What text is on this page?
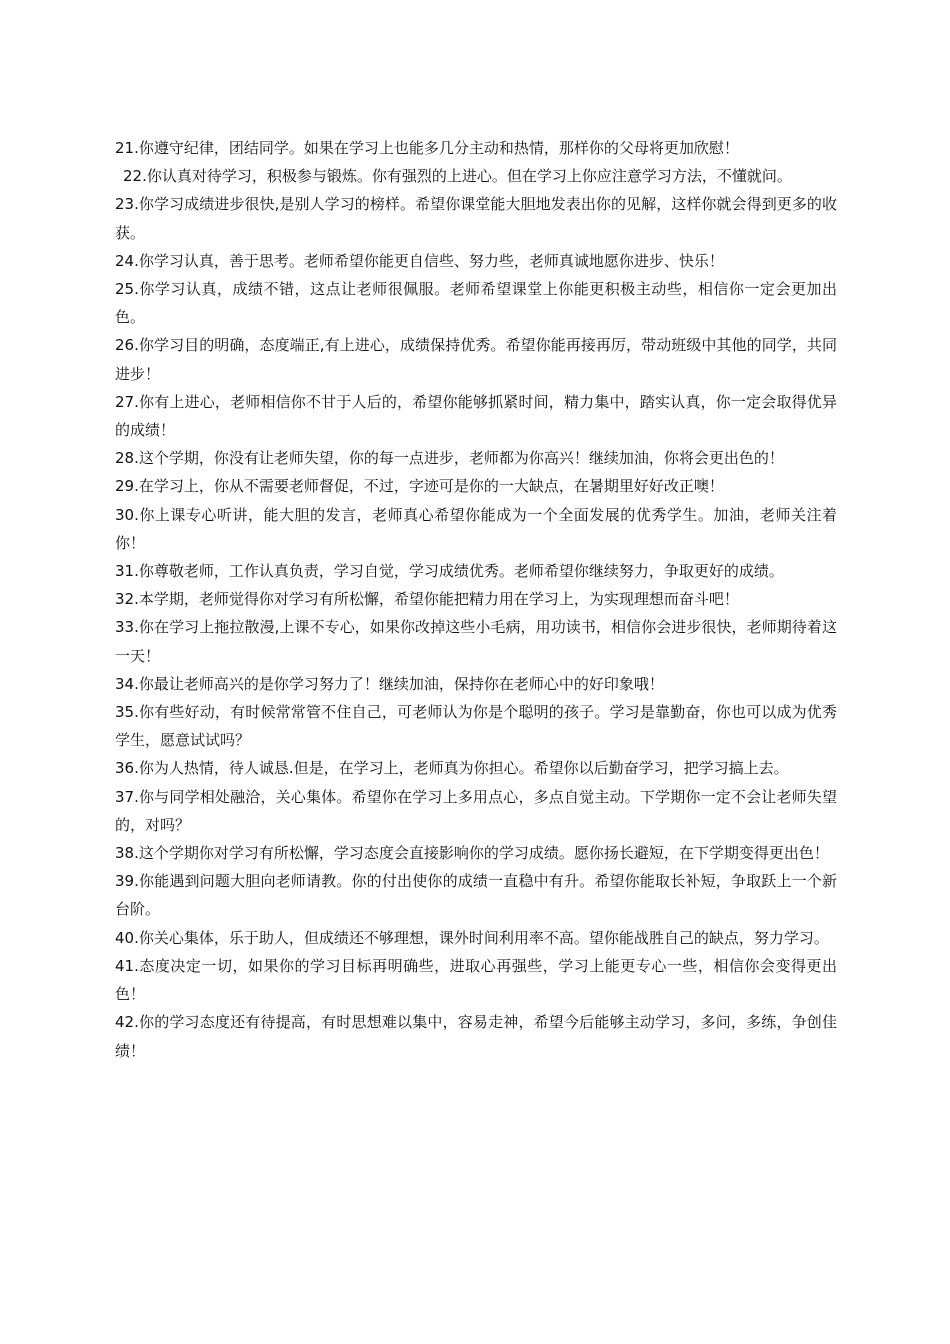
21.你遵守纪律，团结同学。如果在学习上也能多几分主动和热情，那样你的父母将更加欣慰！

22.你认真对待学习，积极参与锻炼。你有强烈的上进心。但在学习上你应注意学习方法，不懂就问。

23.你学习成绩进步很快,是别人学习的榜样。希望你课堂能大胆地发表出你的见解，这样你就会得到更多的收获。

24.你学习认真，善于思考。老师希望你能更自信些、努力些，老师真诚地愿你进步、快乐！

25.你学习认真，成绩不错，这点让老师很佩服。老师希望课堂上你能更积极主动些，相信你一定会更加出色。

26.你学习目的明确，态度端正,有上进心，成绩保持优秀。希望你能再接再厉，带动班级中其他的同学，共同进步！

27.你有上进心，老师相信你不甘于人后的，希望你能够抓紧时间，精力集中，踏实认真，你一定会取得优异的成绩！

28.这个学期，你没有让老师失望，你的每一点进步，老师都为你高兴！继续加油，你将会更出色的！

29.在学习上，你从不需要老师督促，不过，字迹可是你的一大缺点，在暑期里好好改正噢！

30.你上课专心听讲，能大胆的发言，老师真心希望你能成为一个全面发展的优秀学生。加油，老师关注着你！

31.你尊敬老师，工作认真负责，学习自觉，学习成绩优秀。老师希望你继续努力，争取更好的成绩。

32.本学期，老师觉得你对学习有所松懈，希望你能把精力用在学习上，为实现理想而奋斗吧！

33.你在学习上拖拉散漫,上课不专心，如果你改掉这些小毛病，用功读书，相信你会进步很快，老师期待着这一天！

34.你最让老师高兴的是你学习努力了！继续加油，保持你在老师心中的好印象哦！

35.你有些好动，有时候常常管不住自己，可老师认为你是个聪明的孩子。学习是靠勤奋，你也可以成为优秀学生，愿意试试吗？

36.你为人热情，待人诚恳.但是，在学习上，老师真为你担心。希望你以后勤奋学习，把学习搞上去。

37.你与同学相处融洽，关心集体。希望你在学习上多用点心，多点自觉主动。下学期你一定不会让老师失望的，对吗？

38.这个学期你对学习有所松懈，学习态度会直接影响你的学习成绩。愿你扬长避短，在下学期变得更出色！

39.你能遇到问题大胆向老师请教。你的付出使你的成绩一直稳中有升。希望你能取长补短，争取跃上一个新台阶。

40.你关心集体，乐于助人，但成绩还不够理想，课外时间利用率不高。望你能战胜自己的缺点，努力学习。

41.态度决定一切，如果你的学习目标再明确些，进取心再强些，学习上能更专心一些，相信你会变得更出色！

42.你的学习态度还有待提高，有时思想难以集中，容易走神，希望今后能够主动学习，多问，多练，争创佳绩！
